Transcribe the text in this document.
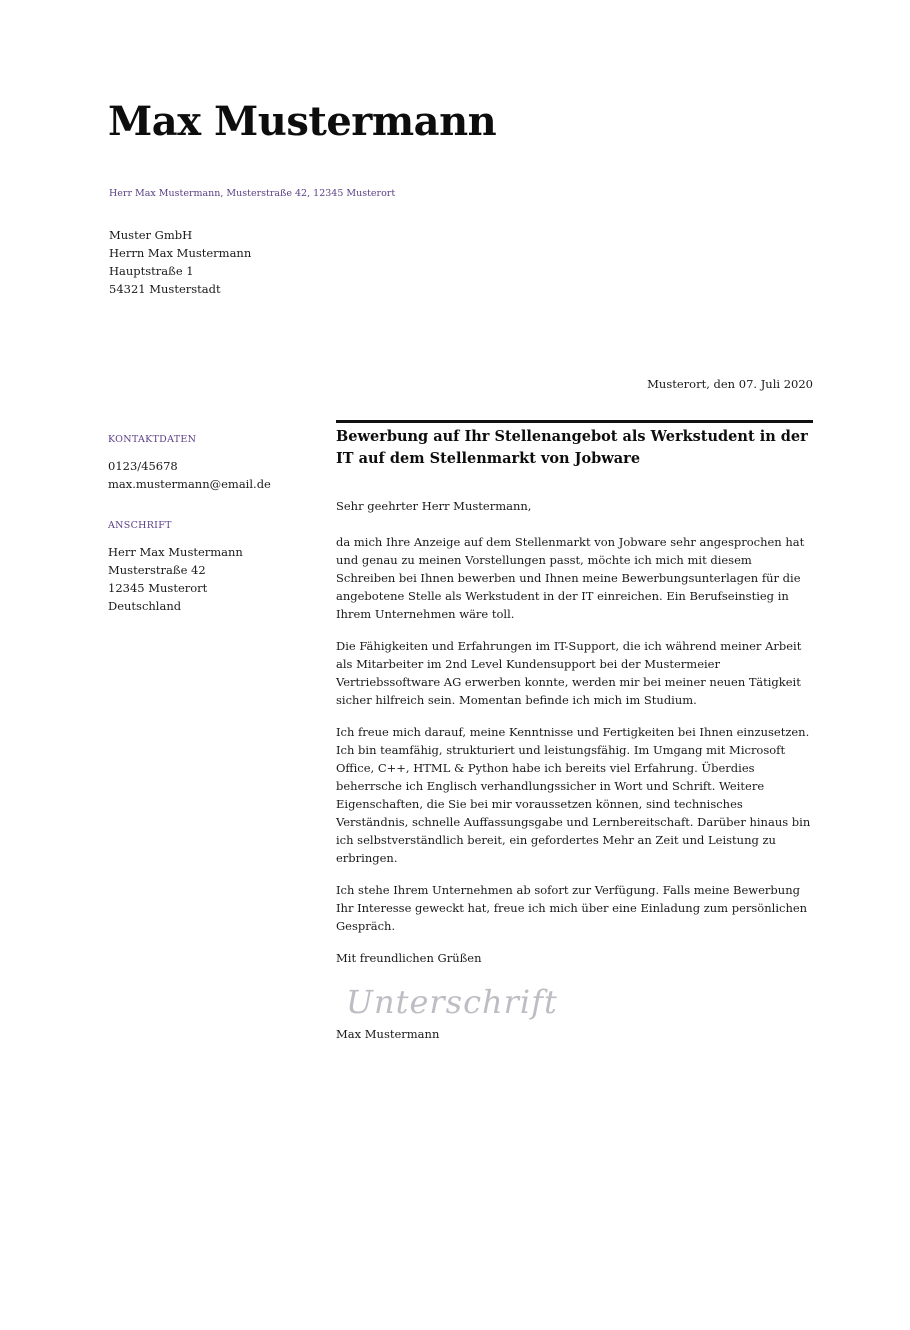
Max Mustermann
Herr Max Mustermann, Musterstraße 42, 12345 Musterort
Muster GmbH
Herrn Max Mustermann
Hauptstraße 1
54321 Musterstadt
Musterort, den 07. Juli 2020
KONTAKTDATEN
0123/45678
max.mustermann@email.de
ANSCHRIFT
Herr Max Mustermann
Musterstraße 42
12345 Musterort
Deutschland
Bewerbung auf Ihr Stellenangebot als Werkstudent in der IT auf dem Stellenmarkt von Jobware

Sehr geehrter Herr Mustermann,

da mich Ihre Anzeige auf dem Stellenmarkt von Jobware sehr angesprochen hat und genau zu meinen Vorstellungen passt, möchte ich mich mit diesem Schreiben bei Ihnen bewerben und Ihnen meine Bewerbungsunterlagen für die angebotene Stelle als Werkstudent in der IT einreichen. Ein Berufseinstieg in Ihrem Unternehmen wäre toll.

Die Fähigkeiten und Erfahrungen im IT-Support, die ich während meiner Arbeit als Mitarbeiter im 2nd Level Kundensupport bei der Mustermeier Vertriebssoftware AG erwerben konnte, werden mir bei meiner neuen Tätigkeit sicher hilfreich sein. Momentan befinde ich mich im Studium.

Ich freue mich darauf, meine Kenntnisse und Fertigkeiten bei Ihnen einzusetzen. Ich bin teamfähig, strukturiert und leistungsfähig. Im Umgang mit Microsoft Office, C++, HTML & Python habe ich bereits viel Erfahrung. Überdies beherrsche ich Englisch verhandlungssicher in Wort und Schrift. Weitere Eigenschaften, die Sie bei mir voraussetzen können, sind technisches Verständnis, schnelle Auffassungsgabe und Lernbereitschaft. Darüber hinaus bin ich selbstverständlich bereit, ein gefordertes Mehr an Zeit und Leistung zu erbringen.

Ich stehe Ihrem Unternehmen ab sofort zur Verfügung. Falls meine Bewerbung Ihr Interesse geweckt hat, freue ich mich über eine Einladung zum persönlichen Gespräch.

Mit freundlichen Grüßen

Unterschrift

Max Mustermann
